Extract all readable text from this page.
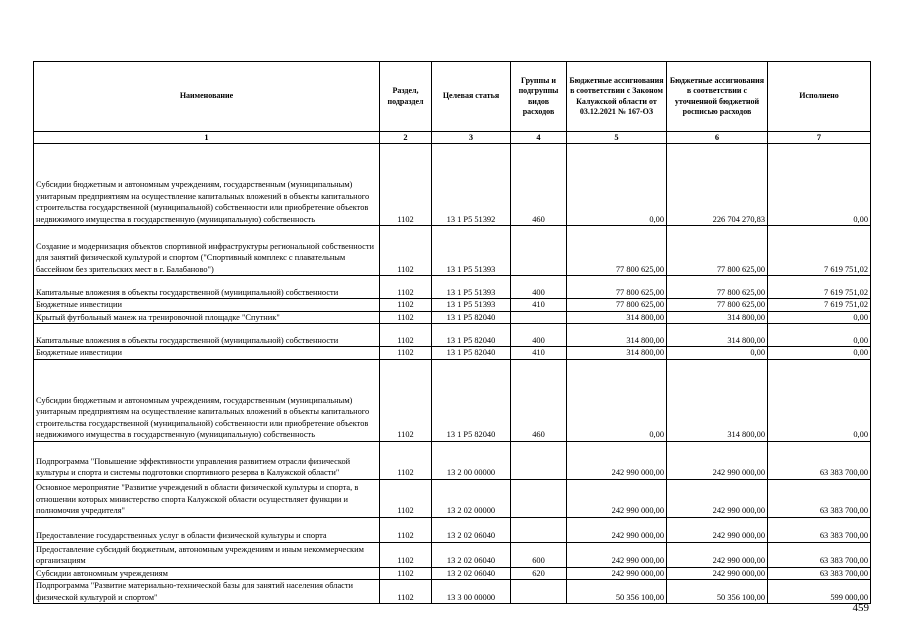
Наименование	Раздел, подраздел	Целевая статья	Группы и подгруппы видов расходов	Бюджетные ассигнования в соответствии с Законом Калужской области от 03.12.2021 № 167-ОЗ	Бюджетные ассигнования в соответствии с уточненной бюджетной росписью расходов	Исполнено
1	2	3	4	5	6	7
Субсидии бюджетным и автономным учреждениям, государственным (муниципальным) унитарным предприятиям на осуществление капитальных вложений в объекты капитального строительства государственной (муниципальной) собственности или приобретение объектов недвижимого имущества в государственную (муниципальную) собственность	1102	13 1 P5 51392	460	0,00	226 704 270,83	0,00
Создание и модернизация объектов спортивной инфраструктуры региональной собственности для занятий физической культурой и спортом ("Спортивный комплекс с плавательным бассейном без зрительских мест в г. Балабаново")	1102	13 1 P5 51393		77 800 625,00	77 800 625,00	7 619 751,02
Капитальные вложения в объекты государственной (муниципальной) собственности	1102	13 1 P5 51393	400	77 800 625,00	77 800 625,00	7 619 751,02
Бюджетные инвестиции	1102	13 1 P5 51393	410	77 800 625,00	77 800 625,00	7 619 751,02
Крытый футбольный манеж на тренировочной площадке "Спутник"	1102	13 1 P5 82040		314 800,00	314 800,00	0,00
Капитальные вложения в объекты государственной (муниципальной) собственности	1102	13 1 P5 82040	400	314 800,00	314 800,00	0,00
Бюджетные инвестиции	1102	13 1 P5 82040	410	314 800,00	0,00	0,00
Субсидии бюджетным и автономным учреждениям, государственным (муниципальным) унитарным предприятиям на осуществление капитальных вложений в объекты капитального строительства государственной (муниципальной) собственности или приобретение объектов недвижимого имущества в государственную (муниципальную) собственность	1102	13 1 P5 82040	460	0,00	314 800,00	0,00
Подпрограмма "Повышение эффективности управления развитием отрасли физической культуры и спорта и системы подготовки спортивного резерва в Калужской области"	1102	13 2 00 00000		242 990 000,00	242 990 000,00	63 383 700,00
Основное мероприятие "Развитие учреждений в области физической культуры и спорта, в отношении которых министерство спорта Калужской области осуществляет функции и полномочия учредителя"	1102	13 2 02 00000		242 990 000,00	242 990 000,00	63 383 700,00
Предоставление государственных услуг в области физической культуры и спорта	1102	13 2 02 06040		242 990 000,00	242 990 000,00	63 383 700,00
Предоставление субсидий бюджетным, автономным учреждениям и иным некоммерческим организациям	1102	13 2 02 06040	600	242 990 000,00	242 990 000,00	63 383 700,00
Субсидии автономным учреждениям	1102	13 2 02 06040	620	242 990 000,00	242 990 000,00	63 383 700,00
Подпрограмма "Развитие материально-технической базы для занятий населения области физической культурой и спортом"	1102	13 3 00 00000		50 356 100,00	50 356 100,00	599 000,00
459
